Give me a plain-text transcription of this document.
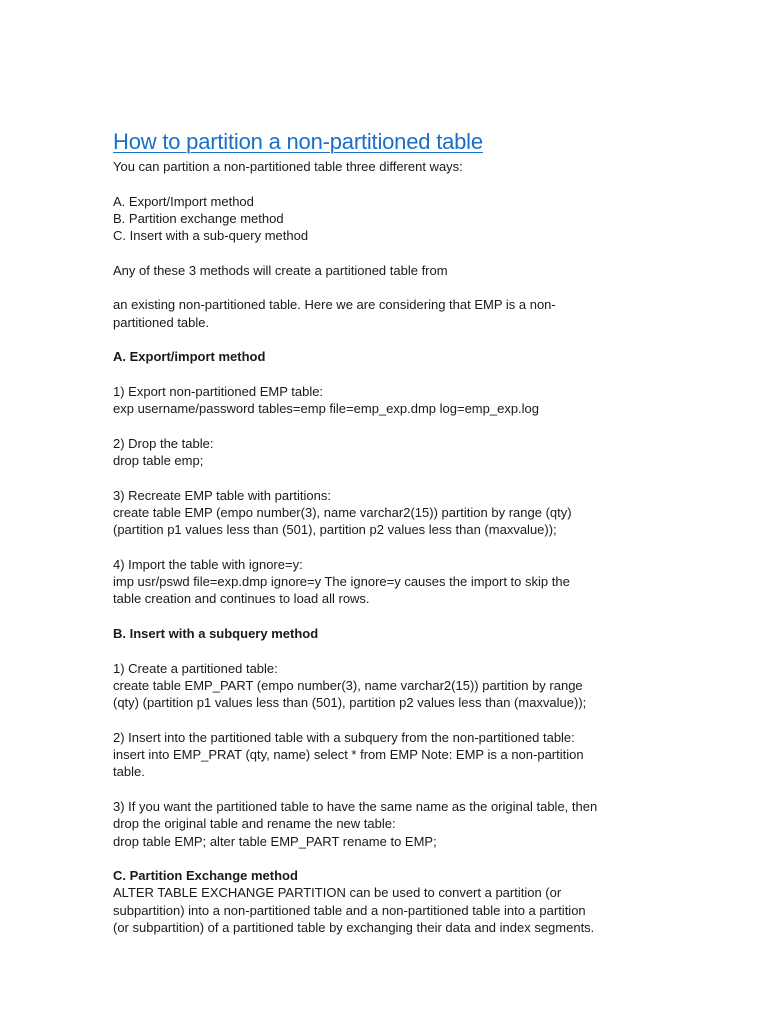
How to partition a non-partitioned table
You can partition a non-partitioned table three different ways:
A. Export/Import method
B. Partition exchange method
C. Insert with a sub-query method
Any of these 3 methods will create a partitioned table from
an existing non-partitioned table. Here we are considering that EMP is a non-
partitioned table.
A. Export/import method
1) Export non-partitioned EMP table:
exp username/password tables=emp file=emp_exp.dmp log=emp_exp.log
2) Drop the table:
drop table emp;
3) Recreate EMP table with partitions:
create table EMP (empo number(3), name varchar2(15)) partition by range (qty)
(partition p1 values less than (501), partition p2 values less than (maxvalue));
4) Import the table with ignore=y:
imp usr/pswd file=exp.dmp ignore=y The ignore=y causes the import to skip the
table creation and continues to load all rows.
B. Insert with a subquery method
1) Create a partitioned table:
create table EMP_PART (empo number(3), name varchar2(15)) partition by range
(qty) (partition p1 values less than (501), partition p2 values less than (maxvalue));
2) Insert into the partitioned table with a subquery from the non-partitioned table:
insert into EMP_PRAT (qty, name) select * from EMP Note: EMP is a non-partition
table.
3) If you want the partitioned table to have the same name as the original table, then
drop the original table and rename the new table:
drop table EMP; alter table EMP_PART rename to EMP;
C. Partition Exchange method
ALTER TABLE EXCHANGE PARTITION can be used to convert a partition (or
subpartition) into a non-partitioned table and a non-partitioned table into a partition
(or subpartition) of a partitioned table by exchanging their data and index segments.
